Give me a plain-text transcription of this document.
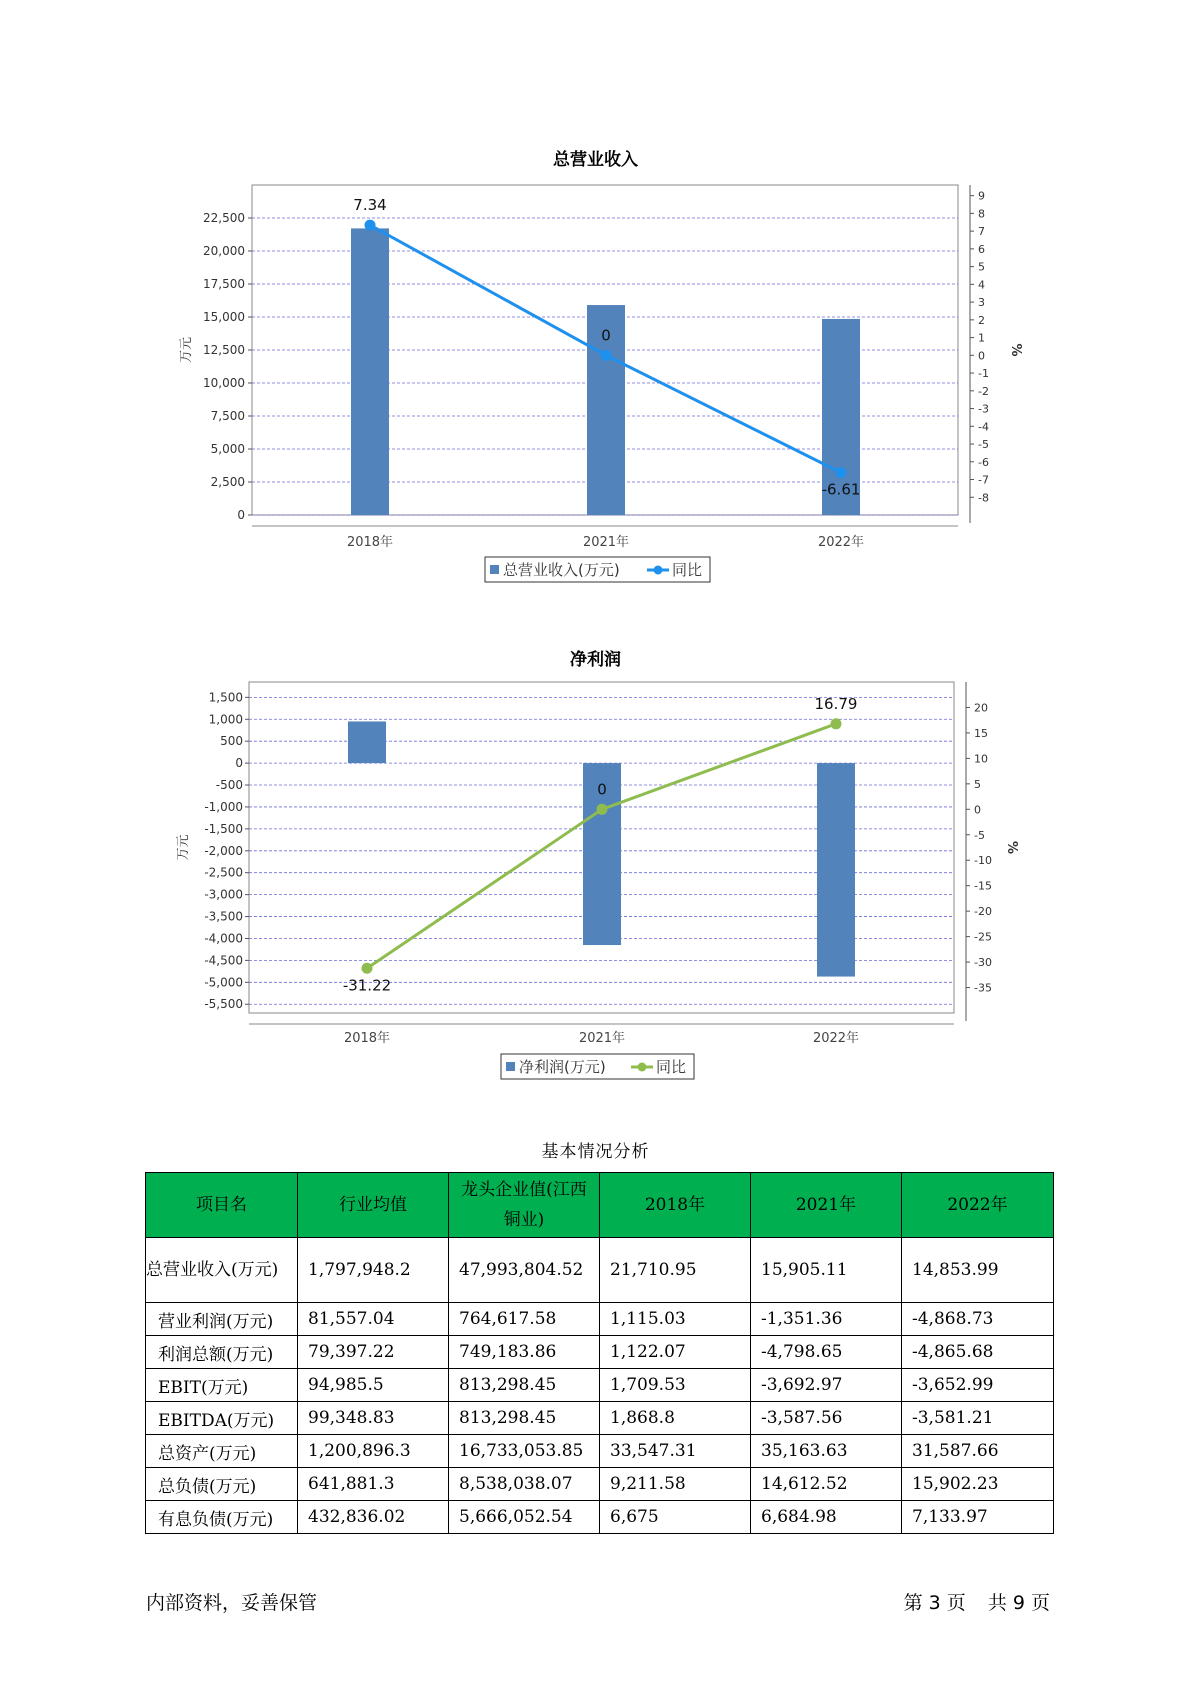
总营业收入
0
2,500
5,000
7,500
10,000
12,500
15,000
17,500
20,000
22,500
-8
-7
-6
-5
-4
-3
-2
-1
0
1
2
3
4
5
6
7
8
9
万元	%
2018年	2021年	2022年
7.34
0
-6.61
总营业收入(万元)	同比
净利润
-5,500
-5,000
-4,500
-4,000
-3,500
-3,000
-2,500
-2,000
-1,500
-1,000
-500
0
500
1,000
1,500
-35
-30
-25
-20
-15
-10
-5
0
5
10
15
20
万元	%
2018年	2021年	2022年
-31.22
0
16.79
净利润(万元)	同比
基本情况分析
项目名	行业均值	龙头企业值(江西铜业)	2018年	2021年	2022年
总营业收入(万元)	1,797,948.2	47,993,804.52	21,710.95	15,905.11	14,853.99
营业利润(万元)	81,557.04	764,617.58	1,115.03	-1,351.36	-4,868.73
利润总额(万元)	79,397.22	749,183.86	1,122.07	-4,798.65	-4,865.68
EBIT(万元)	94,985.5	813,298.45	1,709.53	-3,692.97	-3,652.99
EBITDA(万元)	99,348.83	813,298.45	1,868.8	-3,587.56	-3,581.21
总资产(万元)	1,200,896.3	16,733,053.85	33,547.31	35,163.63	31,587.66
总负债(万元)	641,881.3	8,538,038.07	9,211.58	14,612.52	15,902.23
有息负债(万元)	432,836.02	5,666,052.54	6,675	6,684.98	7,133.97
内部资料，妥善保管	第 3 页 共 9 页
